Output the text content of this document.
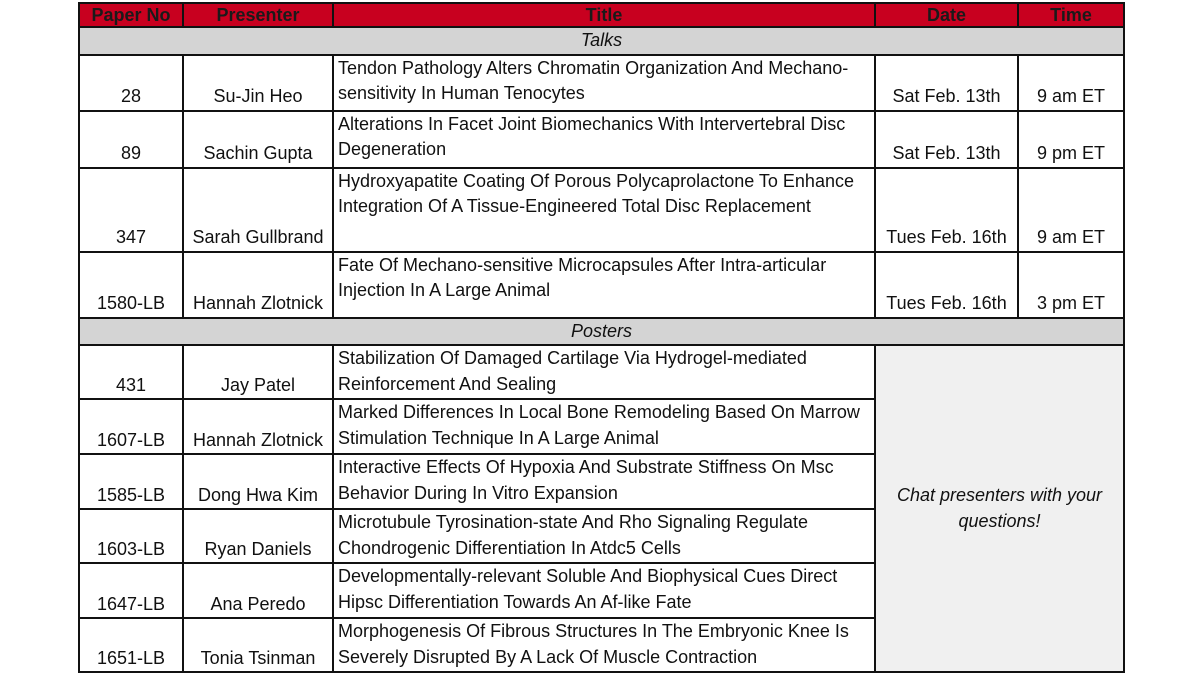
Paper No	Presenter	Title	Date	Time
Talks				
28	Su-Jin Heo	Tendon Pathology Alters Chromatin Organization And Mechano-sensitivity In Human Tenocytes	Sat Feb. 13th	9 am ET
89	Sachin Gupta	Alterations In Facet Joint Biomechanics With Intervertebral Disc Degeneration	Sat Feb. 13th	9 pm ET
347	Sarah Gullbrand	Hydroxyapatite Coating Of Porous Polycaprolactone To Enhance Integration Of A Tissue-Engineered Total Disc Replacement	Tues Feb. 16th	9 am ET
1580-LB	Hannah Zlotnick	Fate Of Mechano-sensitive Microcapsules After Intra-articular Injection In A Large Animal	Tues Feb. 16th	3 pm ET
Posters				
431	Jay Patel	Stabilization Of Damaged Cartilage Via Hydrogel-mediated Reinforcement And Sealing	Chat presenters with your questions!	
1607-LB	Hannah Zlotnick	Marked Differences In Local Bone Remodeling Based On Marrow Stimulation Technique In A Large Animal		
1585-LB	Dong Hwa Kim	Interactive Effects Of Hypoxia And Substrate Stiffness On Msc Behavior During In Vitro Expansion		
1603-LB	Ryan Daniels	Microtubule Tyrosination-state And Rho Signaling Regulate Chondrogenic Differentiation In Atdc5 Cells		
1647-LB	Ana Peredo	Developmentally-relevant Soluble And Biophysical Cues Direct Hipsc Differentiation Towards An Af-like Fate		
1651-LB	Tonia Tsinman	Morphogenesis Of Fibrous Structures In The Embryonic Knee Is Severely Disrupted By A Lack Of Muscle Contraction		
